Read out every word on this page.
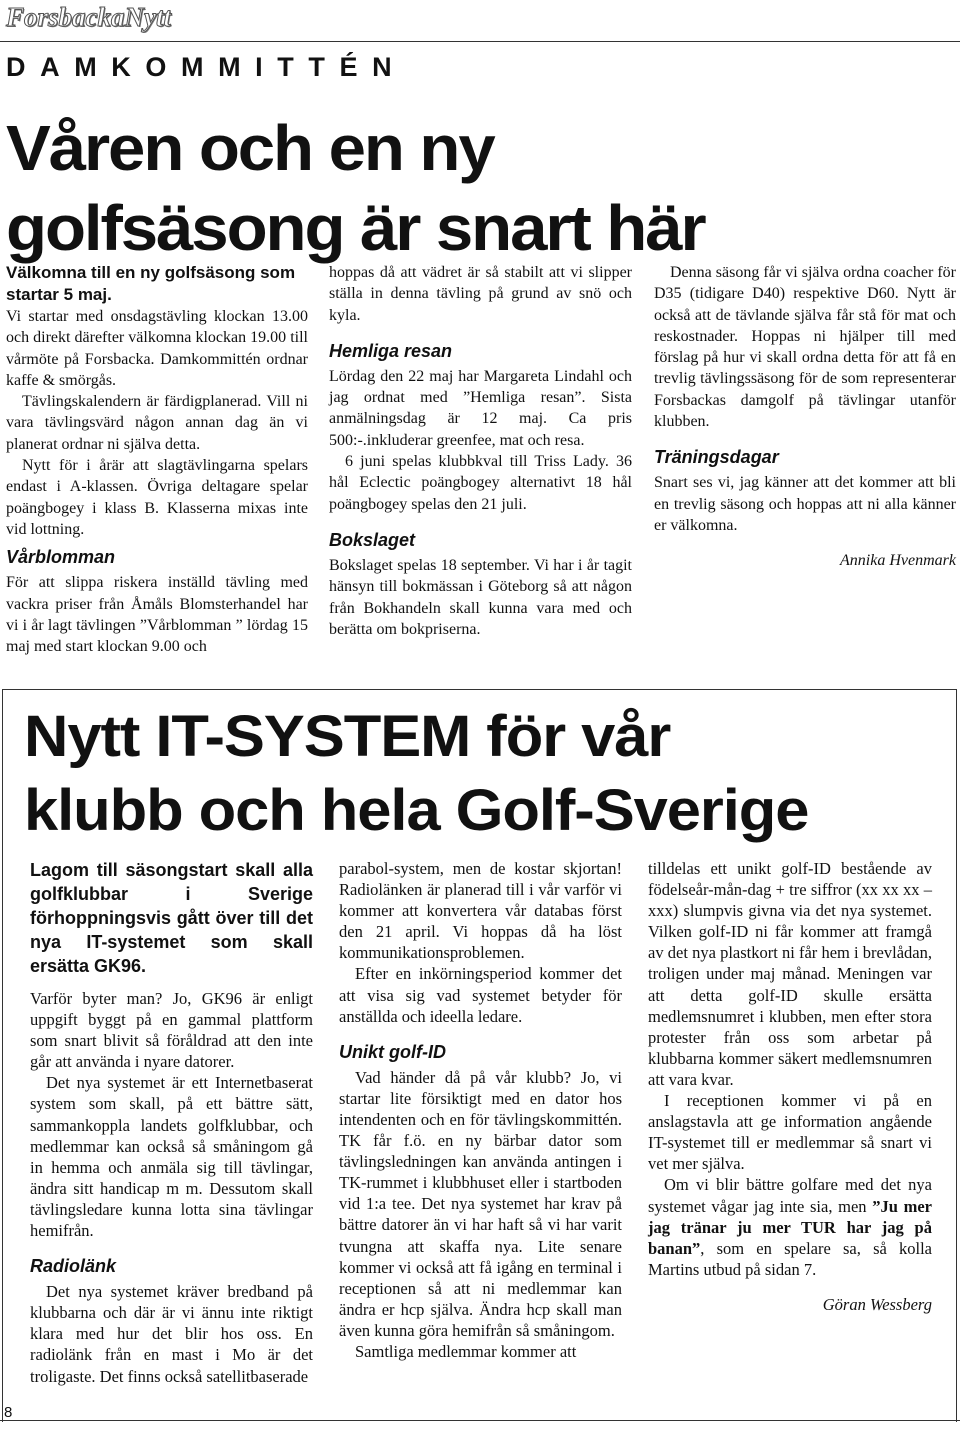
ForsbackaNytt
DAMKOMMITTÉN
Våren och en ny
golfsäsong är snart här
Välkomna till en ny golfsäsong som startar 5 maj.

Vi startar med onsdagstävling klockan 13.00 och direkt därefter välkomna klockan 19.00 till vårmöte på Forsbacka. Damkommittén ordnar kaffe & smörgås.

Tävlingskalendern är färdigplanerad. Vill ni vara tävlingsvärd någon annan dag än vi planerat ordnar ni själva detta.

Nytt för i årär att slagtävlingarna spelars endast i A-klassen. Övriga deltagare spelar poängbogey i klass B. Klasserna mixas inte vid lottning.

Vårblomman

För att slippa riskera inställd tävling med vackra priser från Åmåls Blomsterhandel har vi i år lagt tävlingen ”Vårblomman ” lördag 15 maj med start klockan 9.00 och

hoppas då att vädret är så stabilt att vi slipper ställa in denna tävling på grund av snö och kyla.

Hemliga resan

Lördag den 22 maj har Margareta Lindahl och jag ordnat med ”Hemliga resan”. Sista anmälningsdag är 12 maj. Ca pris 500:-.inkluderar greenfee, mat och resa.

6 juni spelas klubbkval till Triss Lady. 36 hål Eclectic poängbogey alternativt 18 hål poängbogey spelas den 21 juli.

Bokslaget

Bokslaget spelas 18 september. Vi har i år tagit hänsyn till bokmässan i Göteborg så att någon från Bokhandeln skall kunna vara med och berätta om bokpriserna.

Denna säsong får vi själva ordna coacher för D35 (tidigare D40) respektive D60. Nytt är också att de tävlande själva får stå för mat och reskostnader. Hoppas ni hjälper till med förslag på hur vi skall ordna detta för att få en trevlig tävlingssäsong för de som representerar Forsbackas damgolf på tävlingar utanför klubben.

Träningsdagar

Snart ses vi, jag känner att det kommer att bli en trevlig säsong och hoppas att ni alla känner er välkomna.

Annika Hvenmark
Nytt IT-SYSTEM för vår
klubb och hela Golf-Sverige
Lagom till säsongstart skall alla golfklubbar i Sverige förhoppningsvis gått över till det nya IT-systemet som skall ersätta GK96.

Varför byter man? Jo, GK96 är enligt uppgift byggt på en gammal plattform som snart blivit så föråldrad att den inte går att använda i nyare datorer.

Det nya systemet är ett Internetbaserat system som skall, på ett bättre sätt, sammankoppla landets golfklubbar, och medlemmar kan också så småningom gå in hemma och anmäla sig till tävlingar, ändra sitt handicap m m. Dessutom skall tävlingsledare kunna lotta sina tävlingar hemifrån.

Radiolänk

Det nya systemet kräver bredband på klubbarna och där är vi ännu inte riktigt klara med hur det blir hos oss. En radiolänk från en mast i Mo är det troligaste. Det finns också satellitbaserade

parabol-system, men de kostar skjortan! Radiolänken är planerad till i vår varför vi kommer att konvertera vår databas först den 21 april. Vi hoppas då ha löst kommunikationsproblemen.

Efter en inkörningsperiod kommer det att visa sig vad systemet betyder för anställda och ideella ledare.

Unikt golf-ID

Vad händer då på vår klubb? Jo, vi startar lite försiktigt med en dator hos intendenten och en för tävlingskommittén. TK får f.ö. en ny bärbar dator som tävlingsledningen kan använda antingen i TK-rummet i klubbhuset eller i startboden vid 1:a tee. Det nya systemet har krav på bättre datorer än vi har haft så vi har varit tvungna att skaffa nya. Lite senare kommer vi också att få igång en terminal i receptionen så att ni medlemmar kan ändra er hcp själva. Ändra hcp skall man även kunna göra hemifrån så småningom.

Samtliga medlemmar kommer att

tilldelas ett unikt golf-ID bestående av födelseår-mån-dag + tre siffror (xx xx xx – xxx) slumpvis givna via det nya systemet. Vilken golf-ID ni får kommer att framgå av det nya plastkort ni får hem i brevlådan, troligen under maj månad. Meningen var att detta golf-ID skulle ersätta medlemsnumret i klubben, men efter stora protester från oss som arbetar på klubbarna kommer säkert medlemsnumren att vara kvar.

I receptionen kommer vi på en anslagstavla att ge information angående IT-systemet till er medlemmar så snart vi vet mer själva.

Om vi blir bättre golfare med det nya systemet vågar jag inte sia, men ”Ju mer jag tränar ju mer TUR har jag på banan”, som en spelare sa, så kolla Martins utbud på sidan 7.

Göran Wessberg
8
